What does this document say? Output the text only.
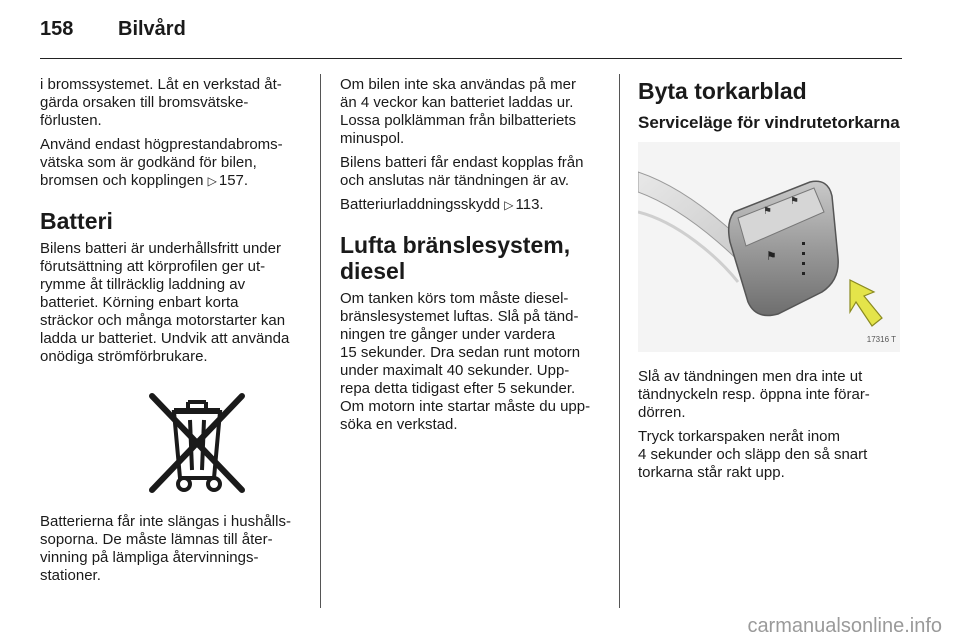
158 Bilvård

i bromssystemet. Låt en verkstad åt-
gärda orsaken till bromsvätske-
förlusten.

Använd endast högprestandabroms-
vätska som är godkänd för bilen,
bromsen och kopplingen ▷ 157.

Batteri

Bilens batteri är underhållsfritt under
förutsättning att körprofilen ger ut-
rymme åt tillräcklig laddning av
batteriet. Körning enbart korta
sträckor och många motorstarter kan
ladda ur batteriet. Undvik att använda
onödiga strömförbrukare.

Batterierna får inte slängas i hushålls-
soporna. De måste lämnas till åter-
vinning på lämpliga återvinnings-
stationer.

Om bilen inte ska användas på mer
än 4 veckor kan batteriet laddas ur.
Lossa polklämman från bilbatteriets
minuspol.

Bilens batteri får endast kopplas från
och anslutas när tändningen är av.

Batteriurladdningsskydd ▷ 113.

Lufta bränslesystem,
diesel

Om tanken körs tom måste diesel-
bränslesystemet luftas. Slå på tänd-
ningen tre gånger under vardera
15 sekunder. Dra sedan runt motorn
under maximalt 40 sekunder. Upp-
repa detta tidigast efter 5 sekunder.
Om motorn inte startar måste du upp-
söka en verkstad.

Byta torkarblad
Serviceläge för vindrutetorkarna
⚑
⚑
⚑
17316 T

Slå av tändningen men dra inte ut
tändnyckeln resp. öppna inte förar-
dörren.

Tryck torkarspaken neråt inom
4 sekunder och släpp den så snart
torkarna står rakt upp.

carmanualsonline.info
